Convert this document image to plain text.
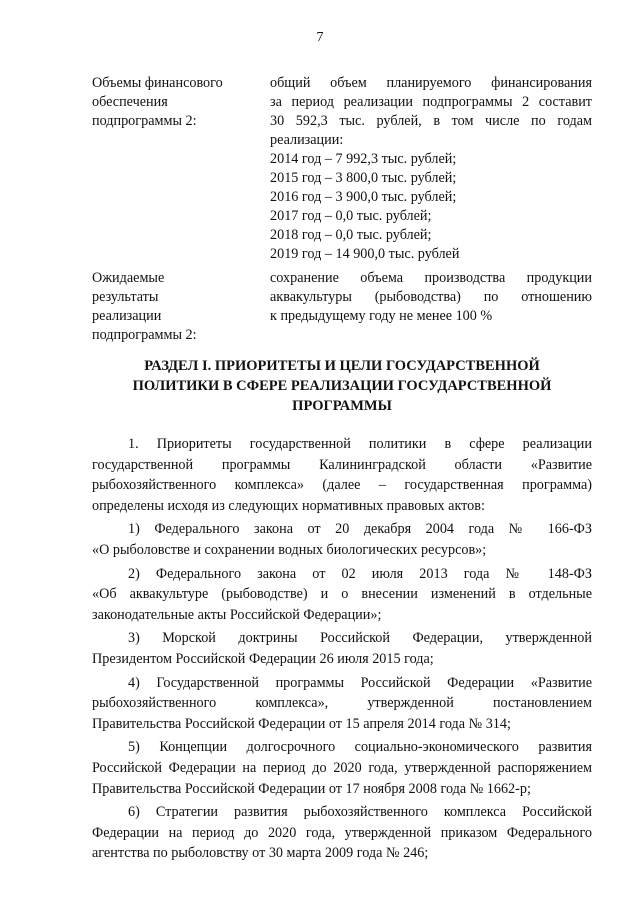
7
Объемы финансового
обеспечения
подпрограммы 2:
общий объем планируемого финансирования
за период реализации подпрограммы 2 составит
30 592,3 тыс. рублей, в том числе по годам
реализации:
2014 год – 7 992,3 тыс. рублей;
2015 год – 3 800,0 тыс. рублей;
2016 год – 3 900,0 тыс. рублей;
2017 год – 0,0 тыс. рублей;
2018 год – 0,0 тыс. рублей;
2019 год – 14 900,0 тыс. рублей
Ожидаемые
результаты
реализации
подпрограммы 2:
сохранение объема производства продукции
аквакультуры (рыбоводства) по отношению
к предыдущему году не менее 100 %
РАЗДЕЛ I. ПРИОРИТЕТЫ И ЦЕЛИ ГОСУДАРСТВЕННОЙ
ПОЛИТИКИ В СФЕРЕ РЕАЛИЗАЦИИ ГОСУДАРСТВЕННОЙ
ПРОГРАММЫ
1. Приоритеты государственной политики в сфере реализации
государственной программы Калининградской области «Развитие
рыбохозяйственного комплекса» (далее – государственная программа)
определены исходя из следующих нормативных правовых актов:
1) Федерального закона от 20 декабря 2004 года № 166-ФЗ
«О рыболовстве и сохранении водных биологических ресурсов»;
2) Федерального закона от 02 июля 2013 года № 148-ФЗ
«Об аквакультуре (рыбоводстве) и о внесении изменений в отдельные
законодательные акты Российской Федерации»;
3) Морской доктрины Российской Федерации, утвержденной
Президентом Российской Федерации 26 июля 2015 года;
4) Государственной программы Российской Федерации «Развитие
рыбохозяйственного комплекса», утвержденной постановлением
Правительства Российской Федерации от 15 апреля 2014 года № 314;
5) Концепции долгосрочного социально-экономического развития
Российской Федерации на период до 2020 года, утвержденной распоряжением
Правительства Российской Федерации от 17 ноября 2008 года № 1662-р;
6) Стратегии развития рыбохозяйственного комплекса Российской
Федерации на период до 2020 года, утвержденной приказом Федерального
агентства по рыболовству от 30 марта 2009 года № 246;
